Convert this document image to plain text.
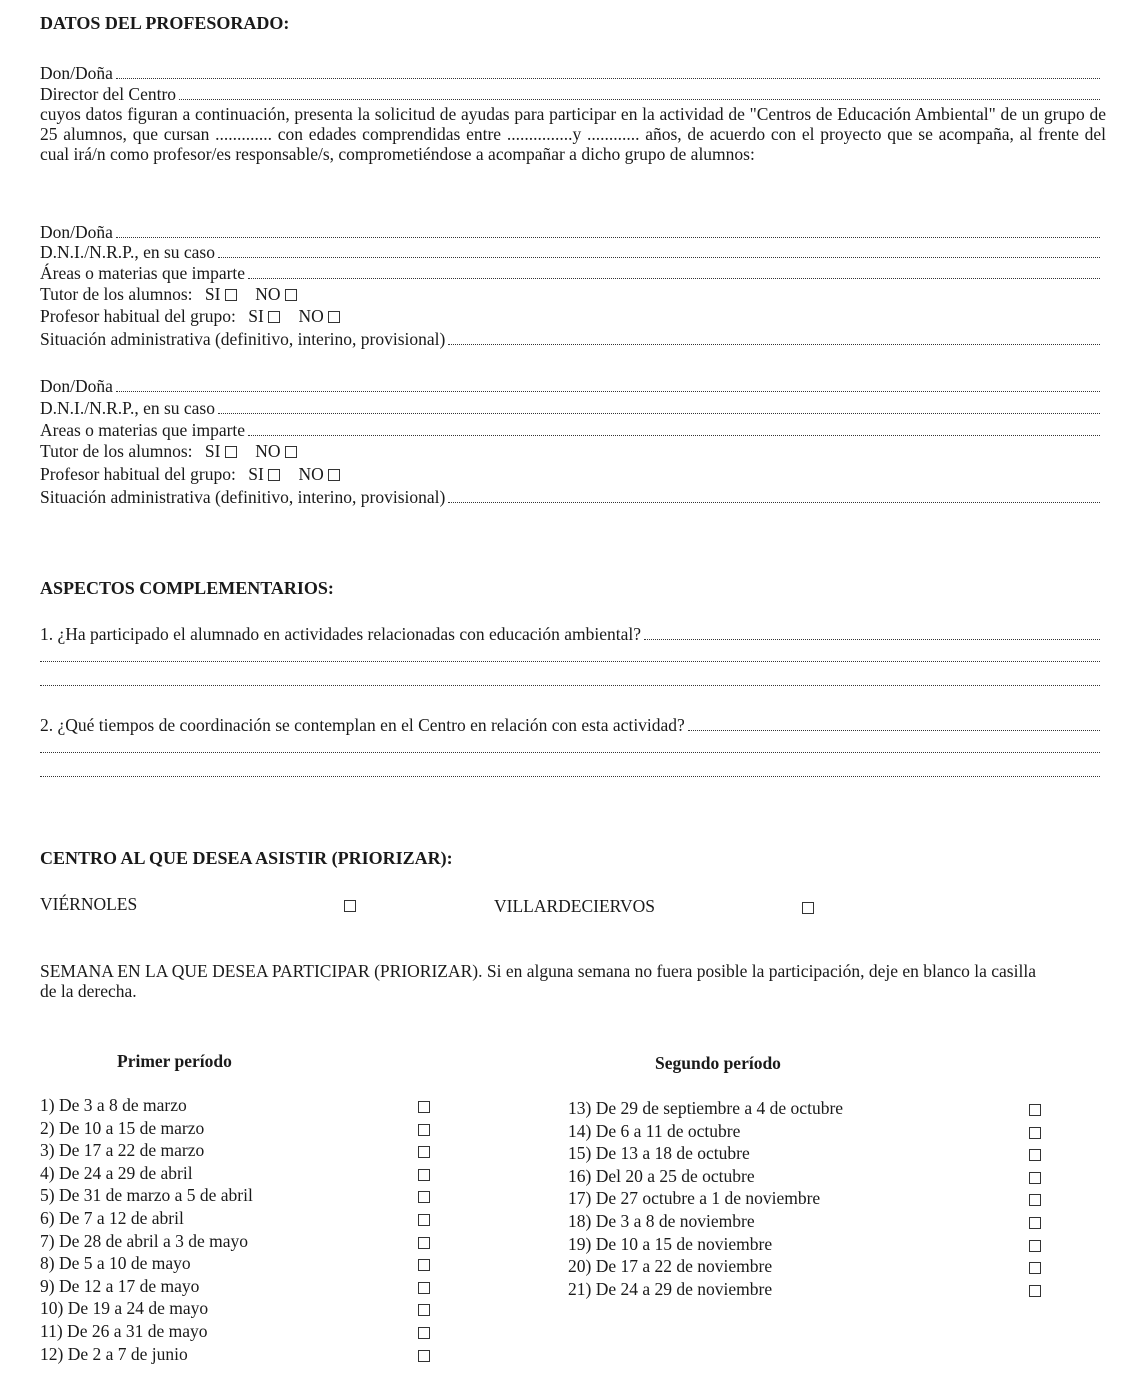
DATOS DEL PROFESORADO:
Don/Doña
Director del Centro
cuyos datos figuran a continuación, presenta la solicitud de ayudas para participar en la actividad de "Centros de Educación Ambiental" de un grupo de 25 alumnos, que cursan ............. con edades comprendidas entre ...............y ............ años, de acuerdo con el proyecto que se acompaña, al frente del cual irá/n como profesor/es responsable/s, comprometiéndose a acompañar a dicho grupo de alumnos:
Don/Doña
D.N.I./N.R.P., en su caso
Áreas o materias que imparte
Tutor de los alumnos: SI NO
Profesor habitual del grupo: SI NO
Situación administrativa (definitivo, interino, provisional)
Don/Doña
D.N.I./N.R.P., en su caso
Areas o materias que imparte
Tutor de los alumnos: SI NO
Profesor habitual del grupo: SI NO
Situación administrativa (definitivo, interino, provisional)
ASPECTOS COMPLEMENTARIOS:
1. ¿Ha participado el alumnado en actividades relacionadas con educación ambiental?
2. ¿Qué tiempos de coordinación se contemplan en el Centro en relación con esta actividad?
CENTRO AL QUE DESEA ASISTIR (PRIORIZAR):
VIÉRNOLES	VILLARDECIERVOS
SEMANA EN LA QUE DESEA PARTICIPAR (PRIORIZAR). Si en alguna semana no fuera posible la participación, deje en blanco la casilla de la derecha.
Primer período	Segundo período
1) De 3 a 8 de marzo
2) De 10 a 15 de marzo
3) De 17 a 22 de marzo
4) De 24 a 29 de abril
5) De 31 de marzo a 5 de abril
6) De 7 a 12 de abril
7) De 28 de abril a 3 de mayo
8) De 5 a 10 de mayo
9) De 12 a 17 de mayo
10) De 19 a 24 de mayo
11) De 26 a 31 de mayo
12) De 2 a 7 de junio
13) De 29 de septiembre a 4 de octubre
14) De 6 a 11 de octubre
15) De 13 a 18 de octubre
16) Del 20 a 25 de octubre
17) De 27 octubre a 1 de noviembre
18) De 3 a 8 de noviembre
19) De 10 a 15 de noviembre
20) De 17 a 22 de noviembre
21) De 24 a 29 de noviembre
